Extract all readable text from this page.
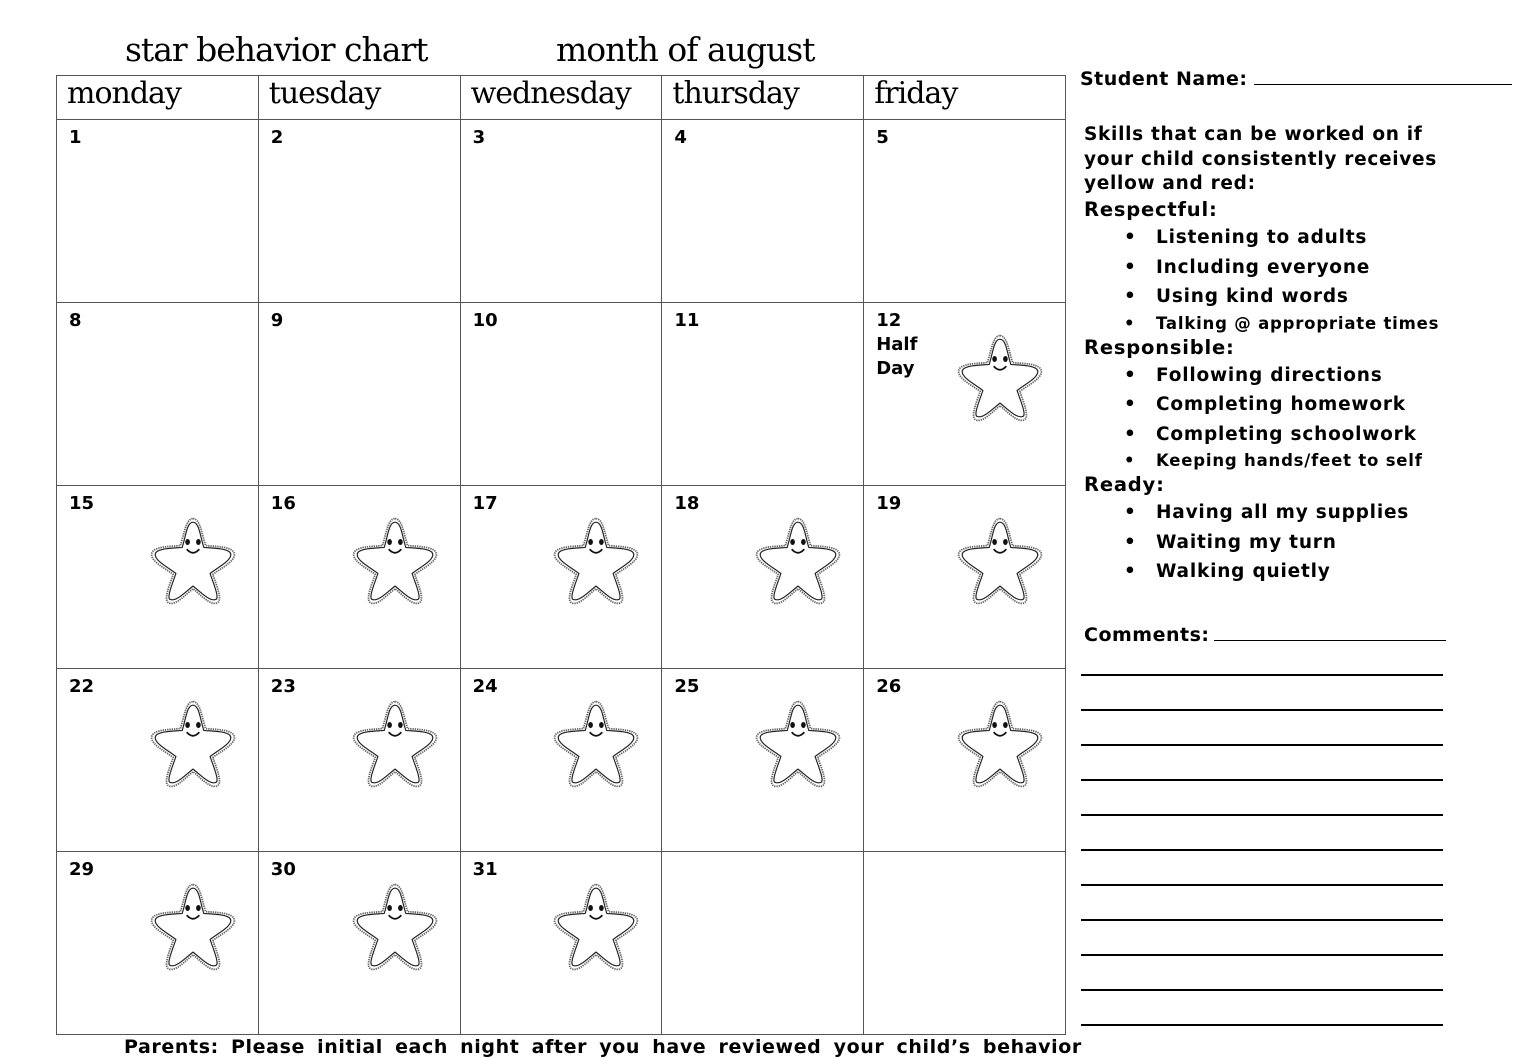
star behavior chart	month of august
monday	tuesday	wednesday	thursday	friday

1	2	3	4	5

8	9	10	11	12
Half
Day

15	16	17	18	19

22	23	24	25	26

29	30	31		

Student Name:
Skills that can be worked on if your child consistently receives yellow and red:
Respectful:
• Listening to adults
• Including everyone
• Using kind words
• Talking @ appropriate times
Responsible:
• Following directions
• Completing homework
• Completing schoolwork
• Keeping hands/feet to self
Ready:
• Having all my supplies
• Waiting my turn
• Walking quietly
Comments:
Parents: Please initial each night after you have reviewed your child’s behavior
